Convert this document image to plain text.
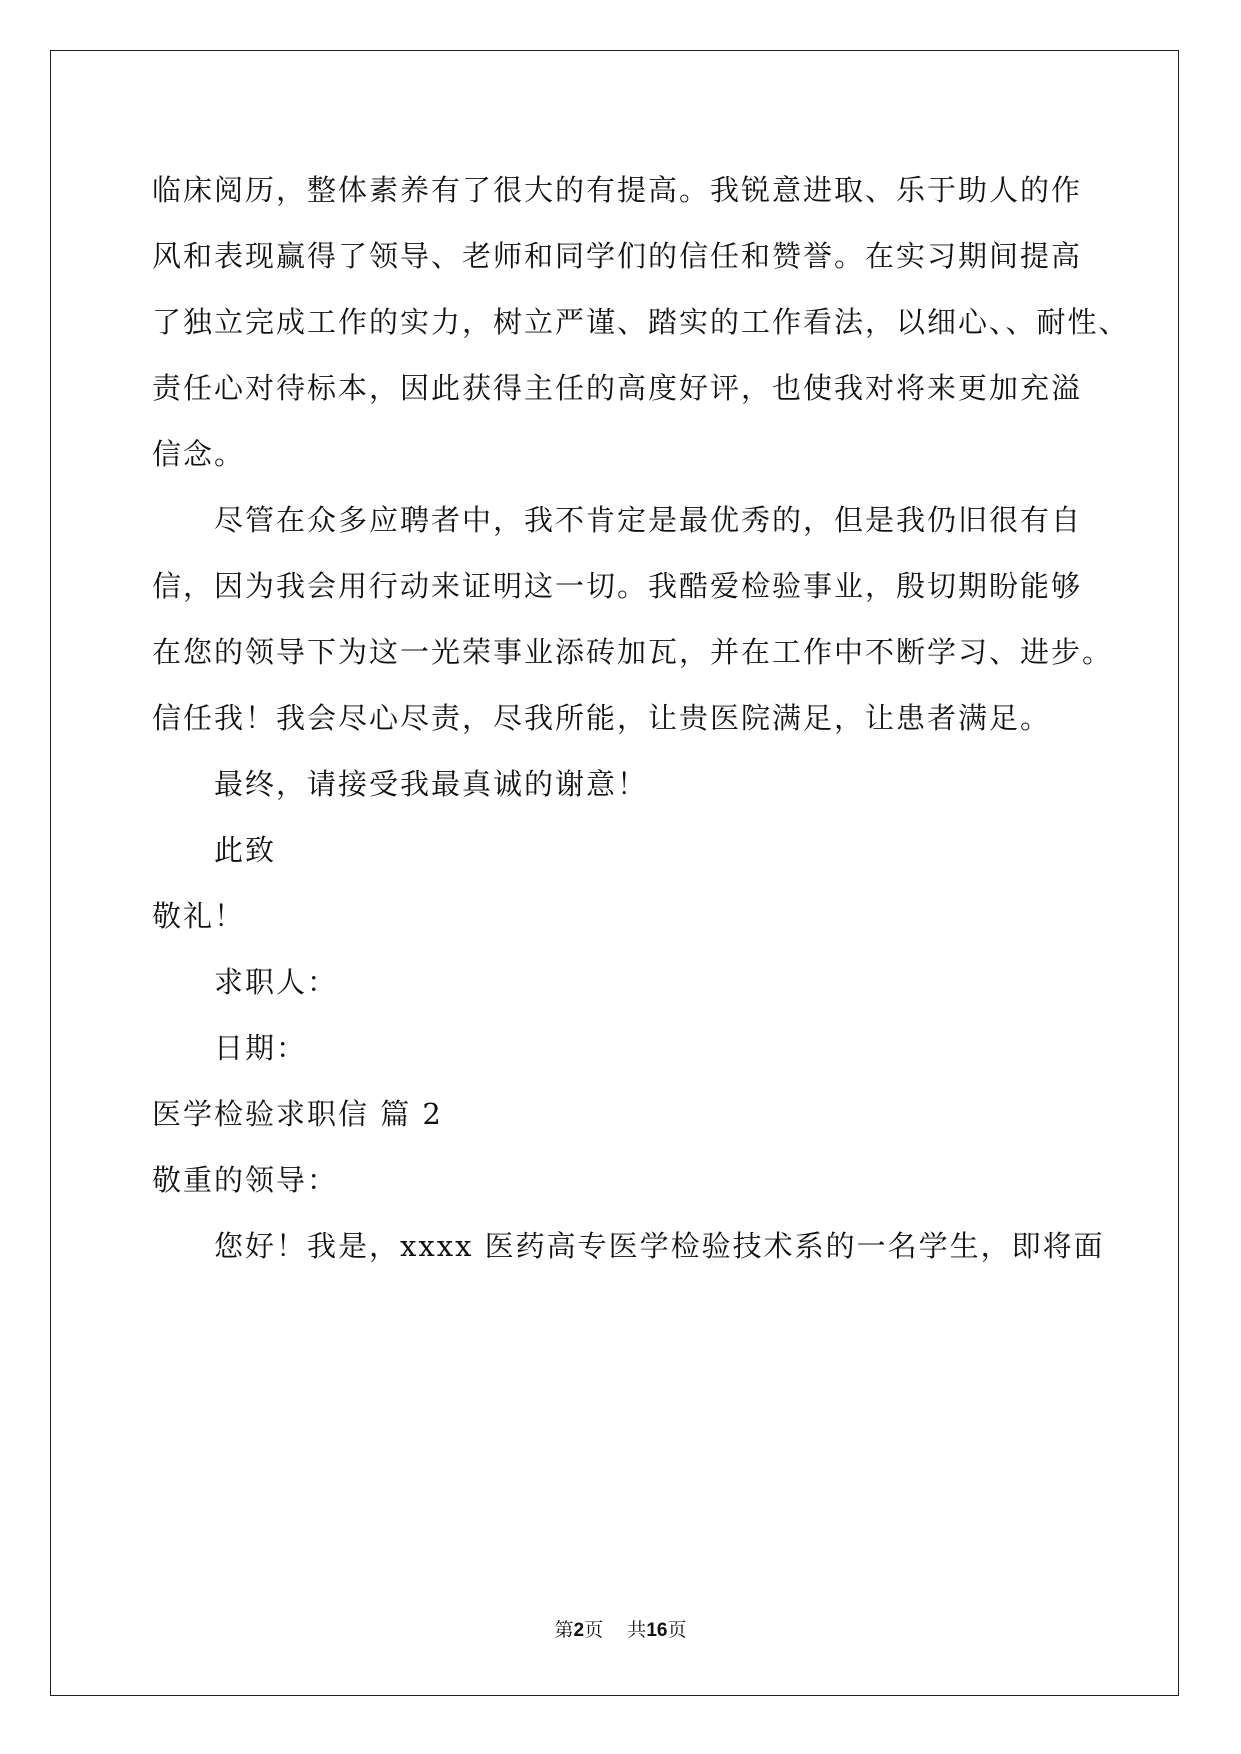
临床阅历，整体素养有了很大的有提高。我锐意进取、乐于助人的作
风和表现赢得了领导、老师和同学们的信任和赞誉。在实习期间提高
了独立完成工作的实力，树立严谨、踏实的工作看法，以细心、、耐性、
责任心对待标本，因此获得主任的高度好评，也使我对将来更加充溢
信念。
尽管在众多应聘者中，我不肯定是最优秀的，但是我仍旧很有自
信，因为我会用行动来证明这一切。我酷爱检验事业，殷切期盼能够
在您的领导下为这一光荣事业添砖加瓦，并在工作中不断学习、进步。
信任我！我会尽心尽责，尽我所能，让贵医院满足，让患者满足。
最终，请接受我最真诚的谢意！
此致
敬礼！
求职人：
日期：
医学检验求职信 篇 2
敬重的领导：
您好！我是，xxxx 医药高专医学检验技术系的一名学生，即将面
第2页 共16页
